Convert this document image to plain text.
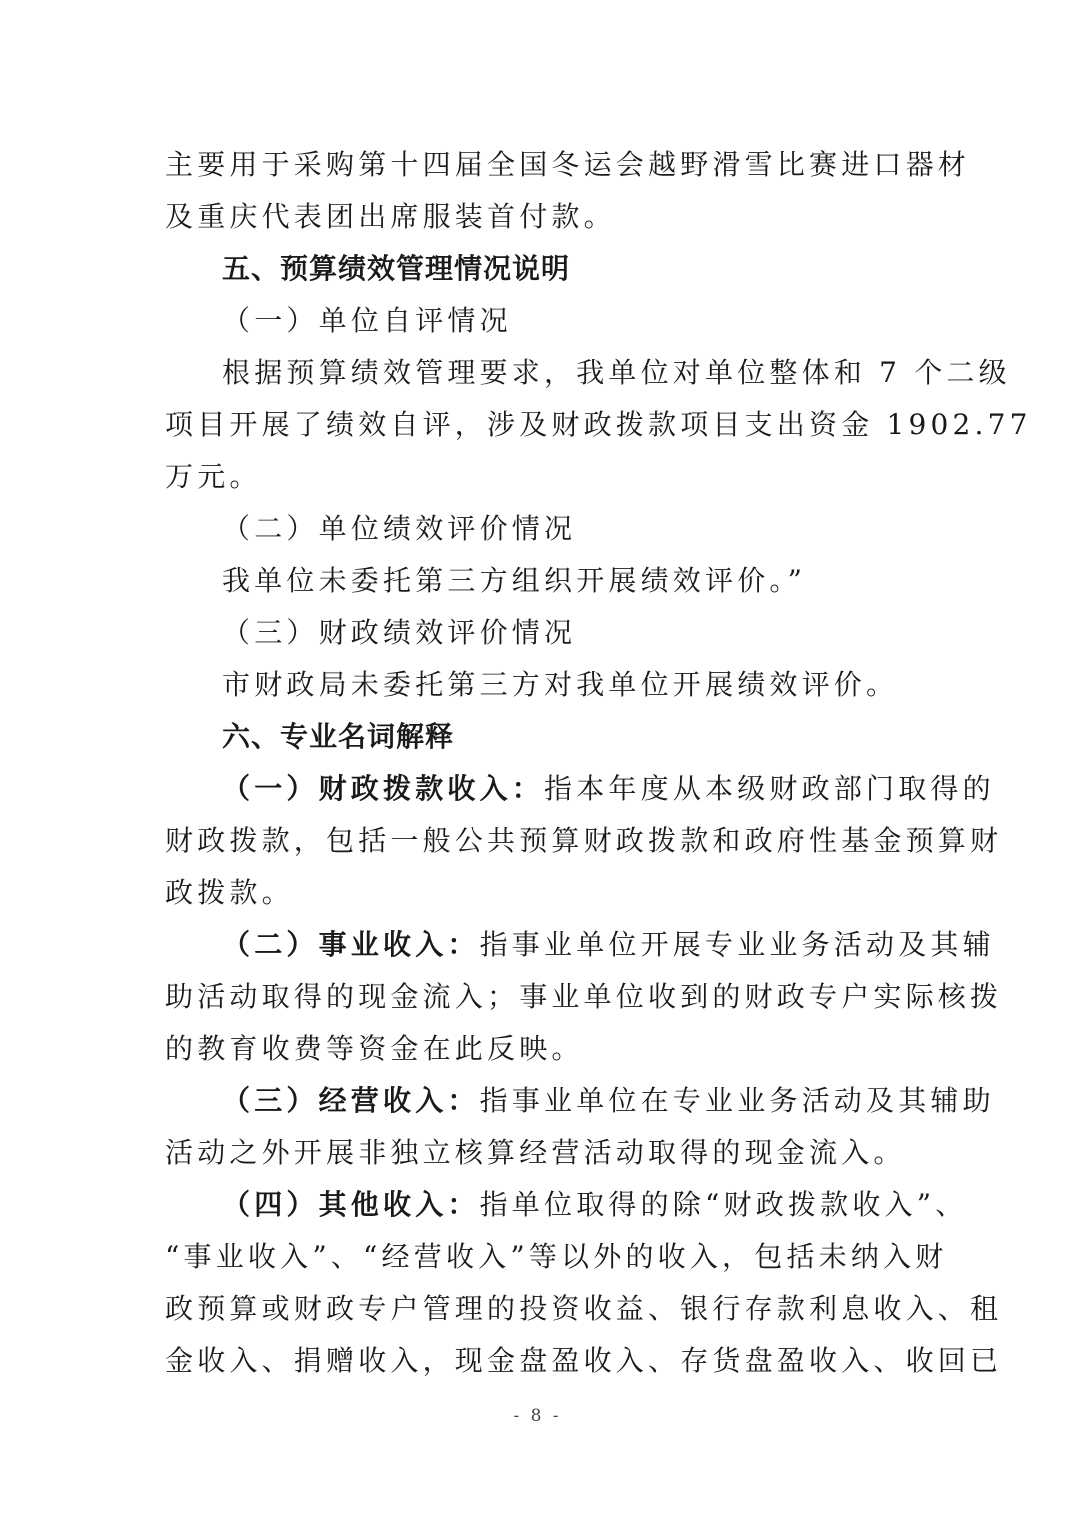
主要用于采购第十四届全国冬运会越野滑雪比赛进口器材
及重庆代表团出席服装首付款。
五、预算绩效管理情况说明
（一）单位自评情况
根据预算绩效管理要求，我单位对单位整体和 7 个二级
项目开展了绩效自评，涉及财政拨款项目支出资金 1902.77
万元。
（二）单位绩效评价情况
我单位未委托第三方组织开展绩效评价。”
（三）财政绩效评价情况
市财政局未委托第三方对我单位开展绩效评价。
六、专业名词解释
（一）财政拨款收入：指本年度从本级财政部门取得的
财政拨款，包括一般公共预算财政拨款和政府性基金预算财
政拨款。
（二）事业收入：指事业单位开展专业业务活动及其辅
助活动取得的现金流入；事业单位收到的财政专户实际核拨
的教育收费等资金在此反映。
（三）经营收入：指事业单位在专业业务活动及其辅助
活动之外开展非独立核算经营活动取得的现金流入。
（四）其他收入：指单位取得的除“财政拨款收入”、
“事业收入”、“经营收入”等以外的收入，包括未纳入财
政预算或财政专户管理的投资收益、银行存款利息收入、租
金收入、捐赠收入，现金盘盈收入、存货盘盈收入、收回已
- 8 -
